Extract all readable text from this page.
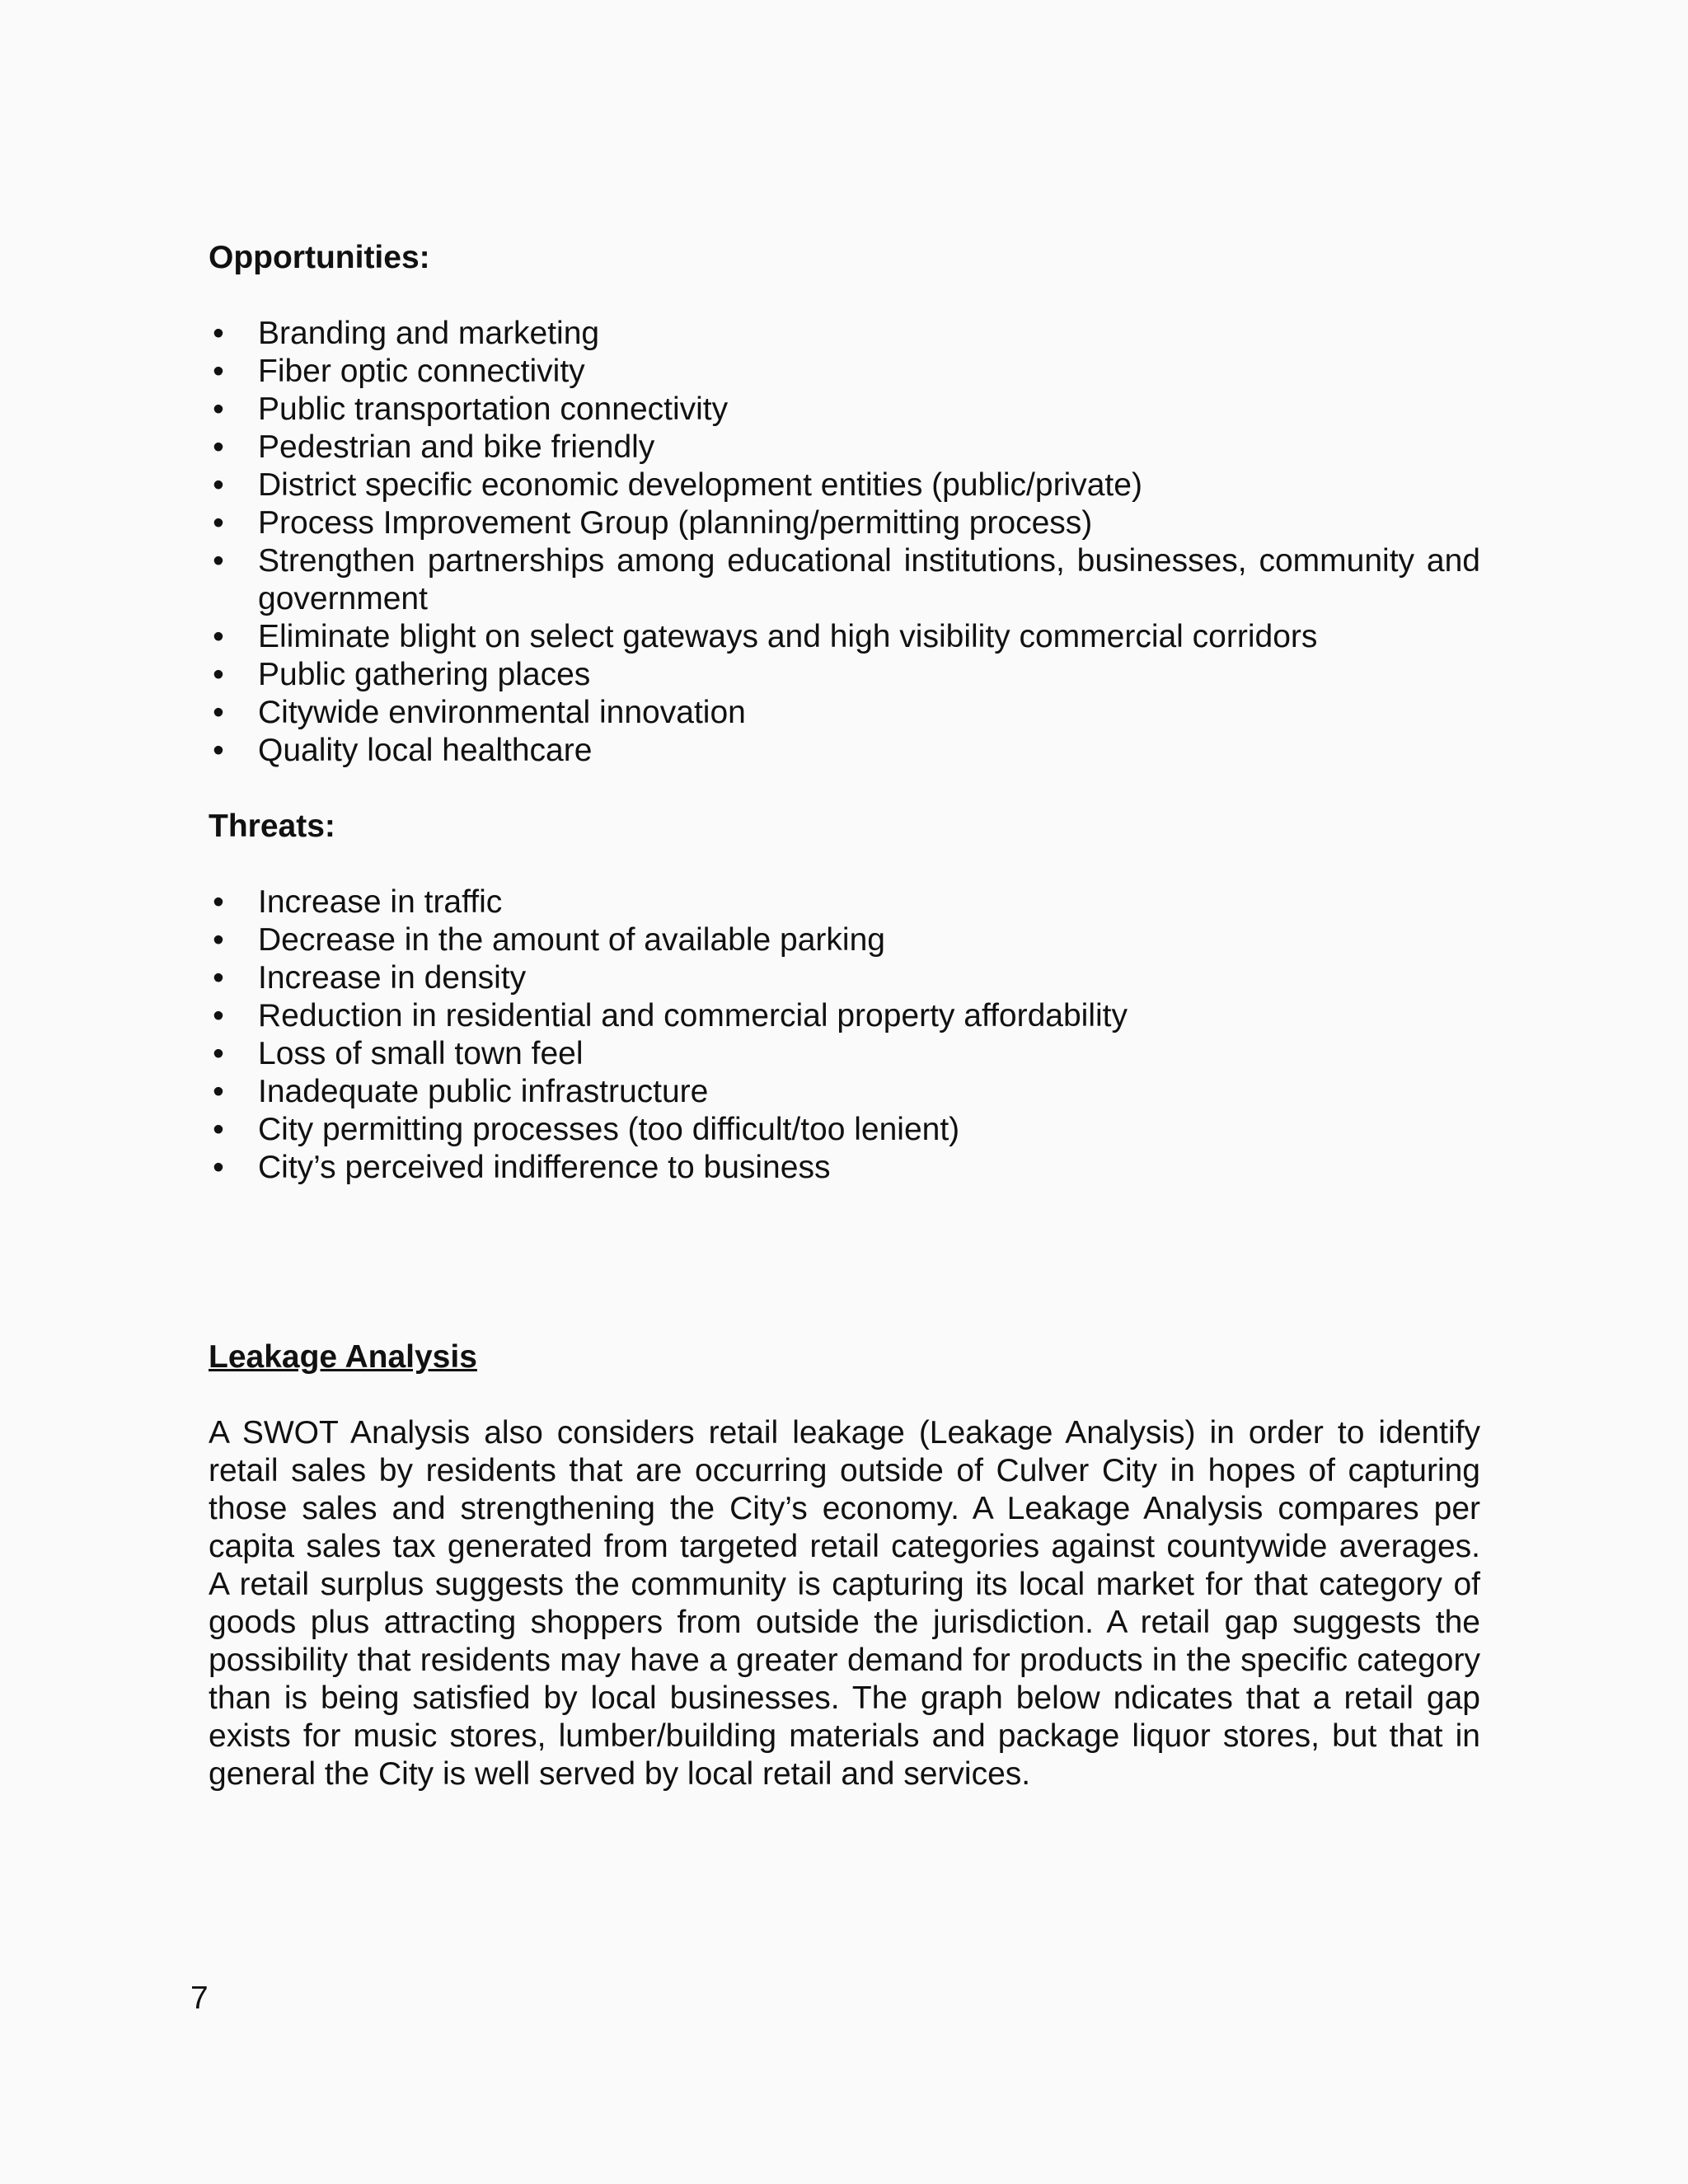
Opportunities:
• Branding and marketing
• Fiber optic connectivity
• Public transportation connectivity
• Pedestrian and bike friendly
• District specific economic development entities (public/private)
• Process Improvement Group (planning/permitting process)
• Strengthen partnerships among educational institutions, businesses, community and government
• Eliminate blight on select gateways and high visibility commercial corridors
• Public gathering places
• Citywide environmental innovation
• Quality local healthcare
Threats:
• Increase in traffic
• Decrease in the amount of available parking
• Increase in density
• Reduction in residential and commercial property affordability
• Loss of small town feel
• Inadequate public infrastructure
• City permitting processes (too difficult/too lenient)
• City’s perceived indifference to business
Leakage Analysis

A SWOT Analysis also considers retail leakage (Leakage Analysis) in order to identify retail sales by residents that are occurring outside of Culver City in hopes of capturing those sales and strengthening the City’s economy. A Leakage Analysis compares per capita sales tax generated from targeted retail categories against countywide averages. A retail surplus suggests the community is capturing its local market for that category of goods plus attracting shoppers from outside the jurisdiction. A retail gap suggests the possibility that residents may have a greater demand for products in the specific category than is being satisfied by local businesses. The graph below ndicates that a retail gap exists for music stores, lumber/building materials and package liquor stores, but that in general the City is well served by local retail and services.

7
